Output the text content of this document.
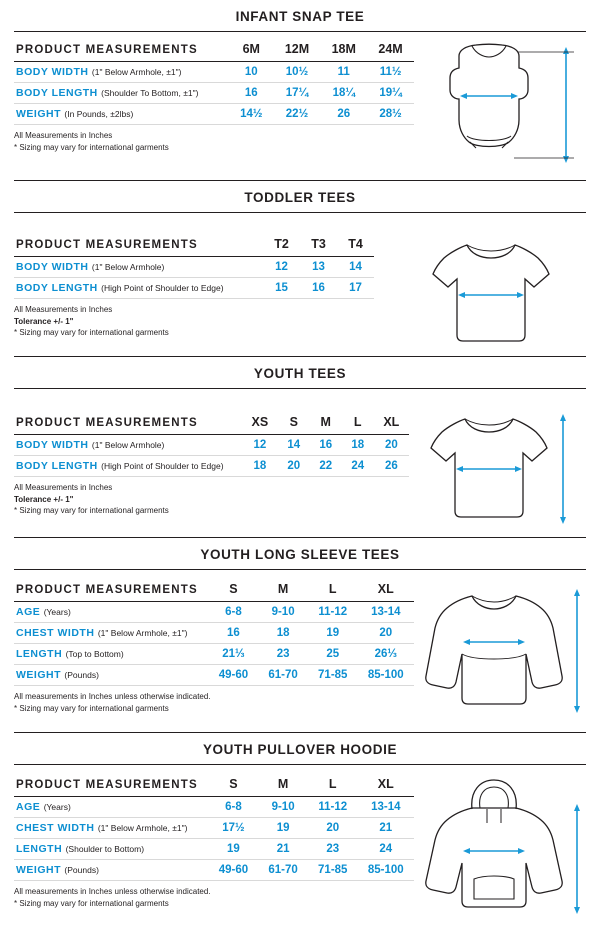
INFANT SNAP TEE
PRODUCT MEASUREMENTS	6M	12M	18M	24M
BODY WIDTH (1" Below Armhole, ±1")	10	10½	11	11½
BODY LENGTH (Shoulder To Bottom, ±1")	16	17¼	18¼	19¼
WEIGHT (In Pounds, ±2lbs)	14½	22½	26	28½
All Measurements in Inches
* Sizing may vary for international garments
TODDLER TEES
PRODUCT MEASUREMENTS	T2	T3	T4
BODY WIDTH (1" Below Armhole)	12	13	14
BODY LENGTH (High Point of Shoulder to Edge)	15	16	17
All Measurements in Inches
Tolerance +/- 1"
* Sizing may vary for international garments
YOUTH TEES
PRODUCT MEASUREMENTS	XS	S	M	L	XL
BODY WIDTH (1" Below Armhole)	12	14	16	18	20
BODY LENGTH (High Point of Shoulder to Edge)	18	20	22	24	26
All Measurements in Inches
Tolerance +/- 1"
* Sizing may vary for international garments
YOUTH LONG SLEEVE TEES
PRODUCT MEASUREMENTS	S	M	L	XL
AGE (Years)	6-8	9-10	11-12	13-14
CHEST WIDTH (1" Below Armhole, ±1")	16	18	19	20
LENGTH (Top to Bottom)	21⅓	23	25	26⅓
WEIGHT (Pounds)	49-60	61-70	71-85	85-100
All measurements in Inches unless otherwise indicated.
* Sizing may vary for international garments
YOUTH PULLOVER HOODIE
PRODUCT MEASUREMENTS	S	M	L	XL
AGE (Years)	6-8	9-10	11-12	13-14
CHEST WIDTH (1" Below Armhole, ±1")	17½	19	20	21
LENGTH (Shoulder to Bottom)	19	21	23	24
WEIGHT (Pounds)	49-60	61-70	71-85	85-100
All measurements in Inches unless otherwise indicated.
* Sizing may vary for international garments
